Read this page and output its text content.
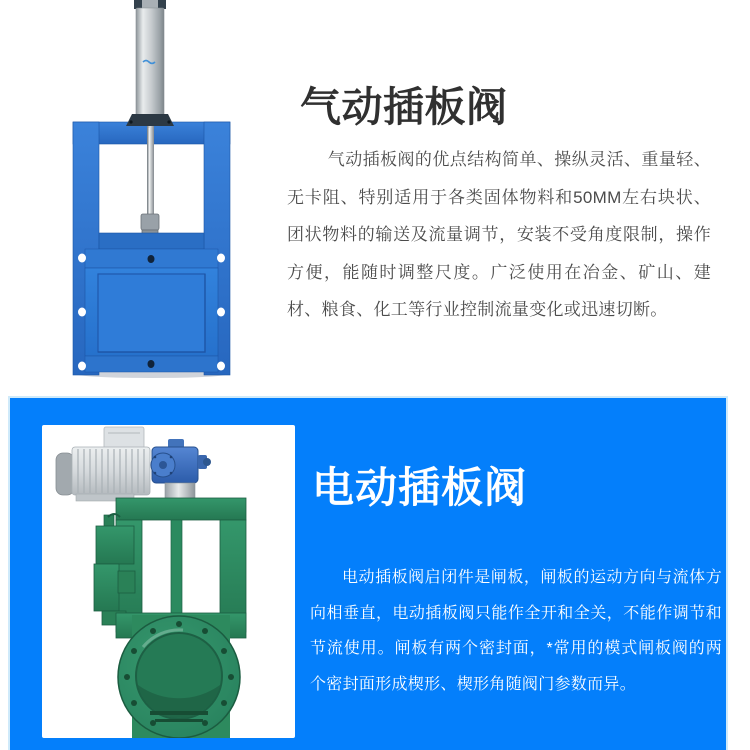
气动插板阀

气动插板阀的优点结构简单、操纵灵活、重量轻、无卡阻、特别适用于各类固体物料和50MM左右块状、团状物料的输送及流量调节，安装不受角度限制，操作方便，能随时调整尺度。广泛使用在冶金、矿山、建材、粮食、化工等行业控制流量变化或迅速切断。

电动插板阀

电动插板阀启闭件是闸板，闸板的运动方向与流体方向相垂直，电动插板阀只能作全开和全关，不能作调节和节流使用。闸板有两个密封面，*常用的模式闸板阀的两个密封面形成楔形、楔形角随阀门参数而异。
